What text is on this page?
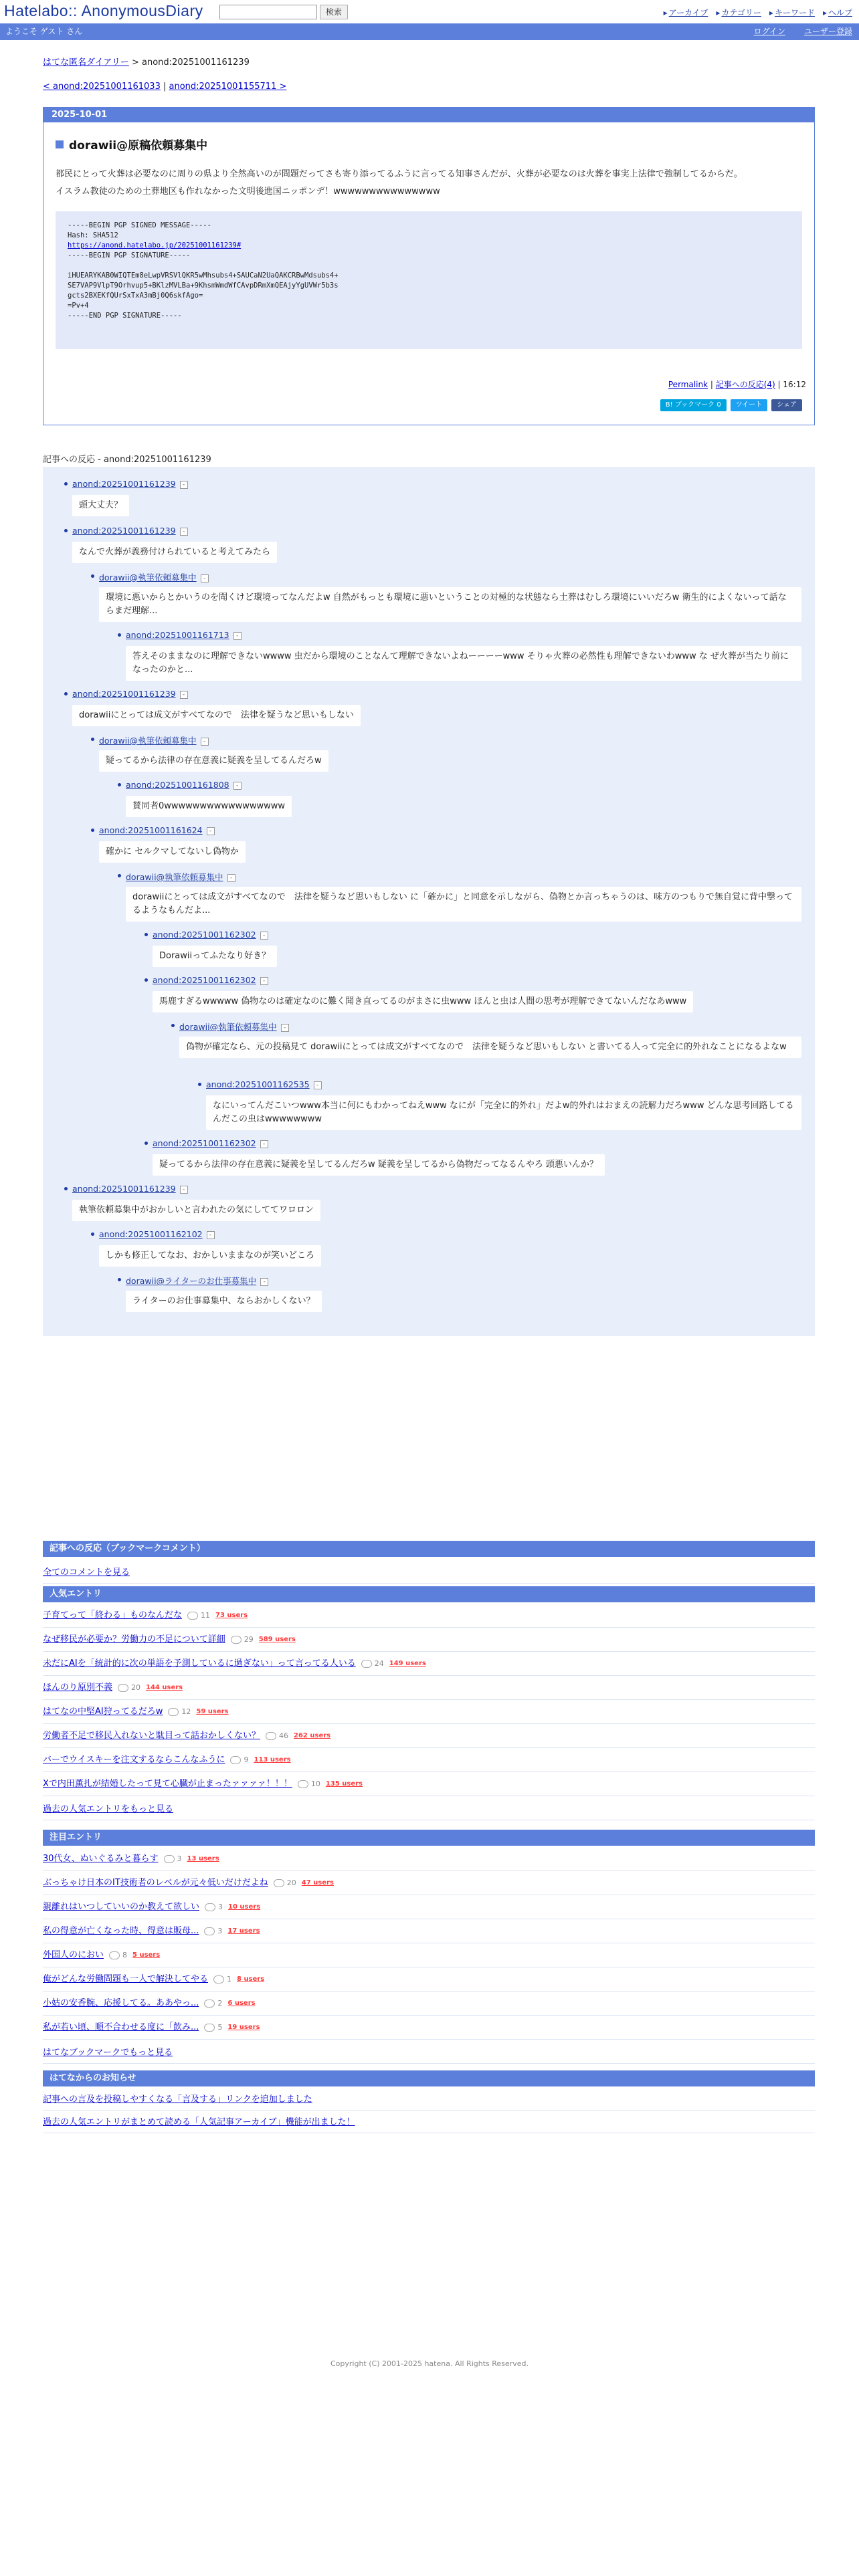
Hatelabo:: AnonymousDiary	検索	▸ アーカイブ	▸ カテゴリー	▸ キーワード	▸ ヘルプ
ようこそ ゲスト さん	ログイン ユーザー登録
はてな匿名ダイアリー > anond:20251001161239
< anond:20251001161033 | anond:20251001155711 >
2025-10-01
dorawii@原稿依頼募集中

都民にとって火葬は必要なのに周りの県より全然高いのが問題だってさも寄り添ってるふうに言ってる知事さんだが、火葬が必要なのは火葬を事実上法律で強制してるからだ。

イスラム教徒のための土葬地区も作れなかった文明後進国ニッポンデ！wwwwwwwwwwwwwww

-----BEGIN PGP SIGNED MESSAGE-----
Hash: SHA512
https://anond.hatelabo.jp/20251001161239#
-----BEGIN PGP SIGNATURE-----

iHUEARYKAB0WIQTEm8eLwpVRSVlQKR5wMhsubs4+SAUCaN2UaQAKCRBwMdsubs4+
SE7VAP9VlpT9Orhvup5+BKlzMVLBa+9KhsmWmdWfCAvpDRmXmQEAjyYgUVWr5b3s
gcts2BXEKfQUrSxTxA3mBj0Q6skfAgo=
=Pv+4
-----END PGP SIGNATURE-----
Permalink | 記事への反応(4) | 16:12
B! ブックマーク 0	ツイート	シェア
記事への反応 - anond:20251001161239
anond:20251001161239 -
頭大丈夫？
anond:20251001161239 -
なんで火葬が義務付けられていると考えてみたら
dorawii@執筆依頼募集中 -
環境に悪いからとかいうのを聞くけど環境ってなんだよw 自然がもっとも環境に悪いということの対極的な状態なら土葬はむしろ環境にいいだろw 衛生的によくないって話ならまだ理解...
anond:20251001161713 -
答えそのままなのに理解できないwwww 虫だから環境のことなんて理解できないよねーーーーwww そりゃ火葬の必然性も理解できないわwww な ぜ火葬が当たり前になったのかと...
anond:20251001161239 -
dorawiiにとっては成文がすべてなので　法律を疑うなど思いもしない
dorawii@執筆依頼募集中 -
疑ってるから法律の存在意義に疑義を呈してるんだろw
anond:20251001161808 -
賛同者0wwwwwwwwwwwwwwwww
anond:20251001161624 -
確かに セルクマしてないし偽物か
dorawii@執筆依頼募集中 -
dorawiiにとっては成文がすべてなので　法律を疑うなど思いもしない に「確かに」と同意を示しながら、偽物とか言っちゃうのは、味方のつもりで無自覚に背中撃ってるようなもんだよ...
anond:20251001162302 -
Dorawiiってふたなり好き？
anond:20251001162302 -
馬鹿すぎるwwwww 偽物なのは確定なのに難く聞き直ってるのがまさに虫www ほんと虫は人間の思考が理解できてないんだなあwww
dorawii@執筆依頼募集中 -
偽物が確定なら、元の投稿見て dorawiiにとっては成文がすべてなので　法律を疑うなど思いもしない と書いてる人って完全に的外れなことになるよなw
anond:20251001162535 -
なにいってんだこいつwww本当に何にもわかってねえwww なにが「完全に的外れ」だよw的外れはおまえの読解力だろwww どんな思考回路してるんだこの虫はwwwwwwww
anond:20251001162302 -
疑ってるから法律の存在意義に疑義を呈してるんだろw 疑義を呈してるから偽物だってなるんやろ 頭悪いんか？
anond:20251001161239 -
執筆依頼募集中がおかしいと言われたの気にしててワロロン
anond:20251001162102 -
しかも修正してなお、おかしいままなのが笑いどころ
dorawii@ライターのお仕事募集中 -
ライターのお仕事募集中、ならおかしくない？
記事への反応（ブックマークコメント）
全てのコメントを見る
人気エントリ
子育てって「終わる」ものなんだな	11 73 users
なぜ移民が必要か？労働力の不足について詳細	29 589 users
未だにAIを「統計的に次の単語を予測しているに過ぎない」って言ってる人いる	24 149 users
ほんのり原別不義	20 144 users
はてなの中堅AI狩ってるだろw	12 59 users
労働者不足で移民入れないと駄目って話おかしくない？	46 262 users
バーでウイスキーを注文するならこんなふうに	9 113 users
Xで内田薫扎が結婚したって見て心臓が止まったァァァァ！！！	10 135 users
過去の人気エントリをもっと見る
注目エントリ
30代女、ぬいぐるみと暮らす	3 13 users
ぶっちゃけ日本のIT技術者のレベルが元々低いだけだよね	20 47 users
親離れはいつしていいのか教えて欲しい	3 10 users
私の得意が亡くなった時、得意は販母...	3 17 users
外国人のにおい	8 5 users
俺がどんな労働問題も一人で解決してやる	1 8 users
小姑の安香腕、応援してる。ああやっ...	2 6 users
私が若い頃、順不合わせる度に「飲み...	5 19 users
はてなブックマークでもっと見る
はてなからのお知らせ
記事への言及を投稿しやすくなる「言及する」リンクを追加しました
過去の人気エントリがまとめて読める「人気記事アーカイブ」機能が出ました！
Copyright (C) 2001-2025 hatena. All Rights Reserved.
